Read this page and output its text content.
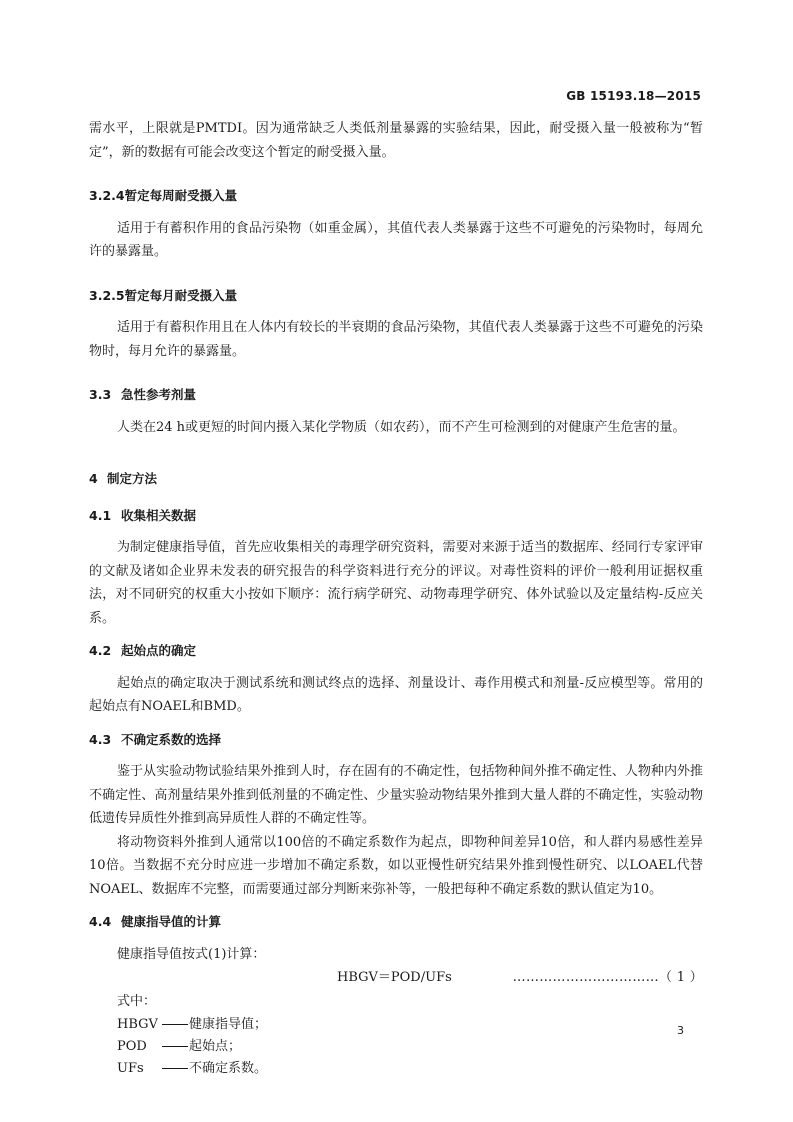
GB 15193.18—2015

需水平，上限就是PMTDI。因为通常缺乏人类低剂量暴露的实验结果，因此，耐受摄入量一般被称为“暂定”，新的数据有可能会改变这个暂定的耐受摄入量。

3.2.4暂定每周耐受摄入量

适用于有蓄积作用的食品污染物（如重金属），其值代表人类暴露于这些不可避免的污染物时，每周允许的暴露量。

3.2.5暂定每月耐受摄入量

适用于有蓄积作用且在人体内有较长的半衰期的食品污染物，其值代表人类暴露于这些不可避免的污染物时，每月允许的暴露量。

3.3 急性参考剂量

人类在24 h或更短的时间内摄入某化学物质（如农药），而不产生可检测到的对健康产生危害的量。

4 制定方法
4.1 收集相关数据

为制定健康指导值，首先应收集相关的毒理学研究资料，需要对来源于适当的数据库、经同行专家评审的文献及诸如企业界未发表的研究报告的科学资料进行充分的评议。对毒性资料的评价一般利用证据权重法，对不同研究的权重大小按如下顺序：流行病学研究、动物毒理学研究、体外试验以及定量结构-反应关系。

4.2 起始点的确定

起始点的确定取决于测试系统和测试终点的选择、剂量设计、毒作用模式和剂量-反应模型等。常用的起始点有NOAEL和BMD。

4.3 不确定系数的选择

鉴于从实验动物试验结果外推到人时，存在固有的不确定性，包括物种间外推不确定性、人物种内外推不确定性、高剂量结果外推到低剂量的不确定性、少量实验动物结果外推到大量人群的不确定性，实验动物低遗传异质性外推到高异质性人群的不确定性等。

将动物资料外推到人通常以100倍的不确定系数作为起点，即物种间差异10倍，和人群内易感性差异10倍。当数据不充分时应进一步增加不确定系数，如以亚慢性研究结果外推到慢性研究、以LOAEL代替NOAEL、数据库不完整，而需要通过部分判断来弥补等，一般把每种不确定系数的默认值定为10。

4.4 健康指导值的计算

健康指导值按式(1)计算：

HBGV＝POD/UFs	……………………………（ 1 ）

式中：

HBGV 健康指导值；
POD	起始点；
UFs	不确定系数。
3
